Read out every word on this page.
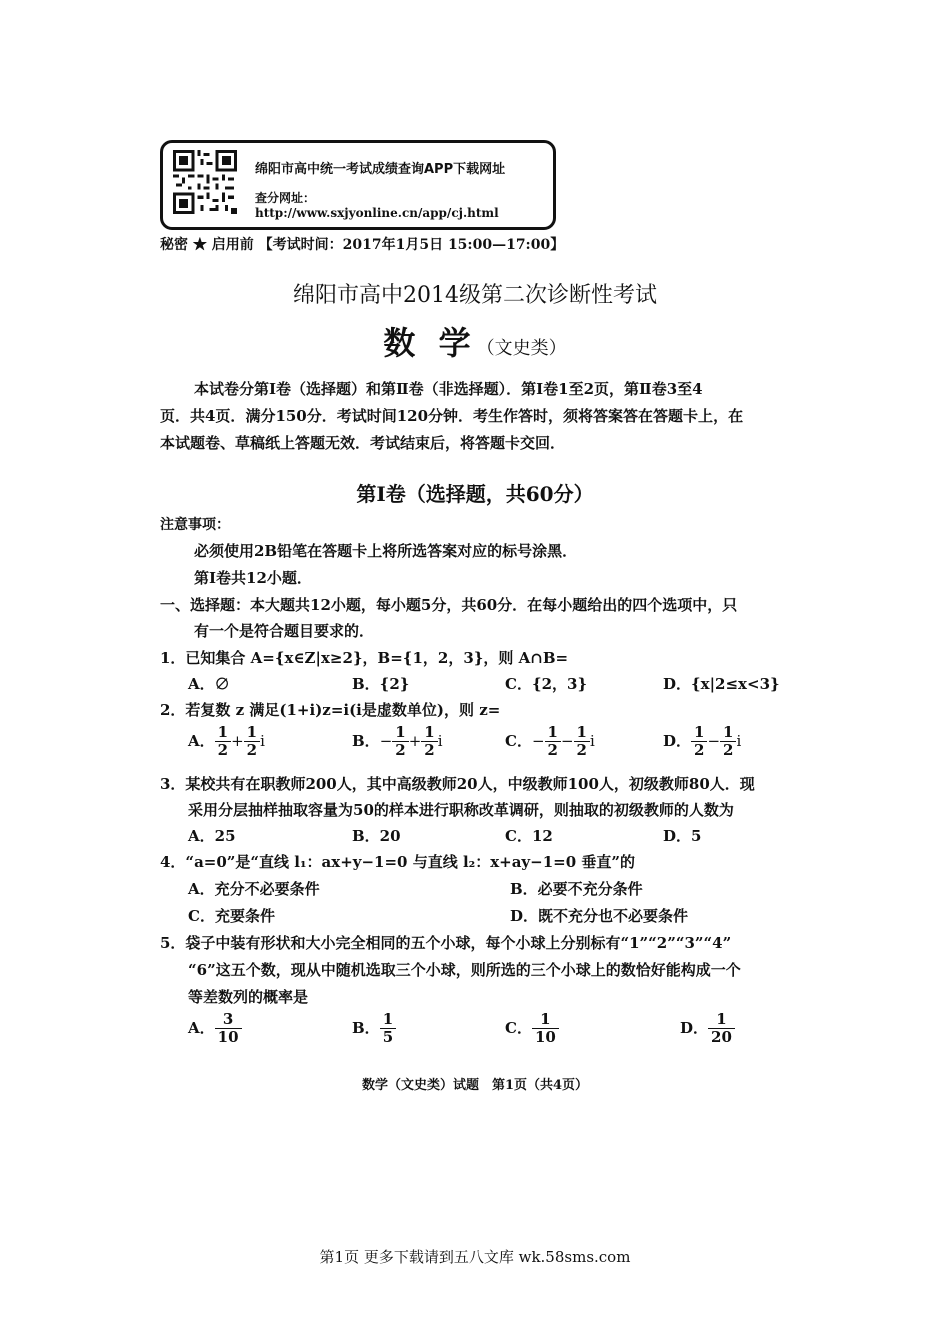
绵阳市高中统一考试成绩查询APP下载网址
查分网址：http://www.sxjyonline.cn/app/cj.html
秘密 ★ 启用前 【考试时间：2017年1月5日 15:00—17:00】
绵阳市高中2014级第二次诊断性考试
数 学（文史类）
本试卷分第Ⅰ卷（选择题）和第Ⅱ卷（非选择题）．第Ⅰ卷1至2页，第Ⅱ卷3至4
页．共4页．满分150分．考试时间120分钟．考生作答时，须将答案答在答题卡上，在
本试题卷、草稿纸上答题无效．考试结束后，将答题卡交回．
第Ⅰ卷（选择题，共60分）
注意事项：
必须使用2B铅笔在答题卡上将所选答案对应的标号涂黑．
第Ⅰ卷共12小题．
一、选择题：本大题共12小题，每小题5分，共60分．在每小题给出的四个选项中，只
有一个是符合题目要求的．
1．已知集合 A={x∈Z|x≥2}，B={1，2，3}，则 A∩B=
A．∅	B．{2}	C．{2，3}	D．{x|2≤x<3}
2．若复数 z 满足(1+i)z=i(i是虚数单位)，则 z=
A． $\frac{1}{2} + \frac{1}{2}$ i	B．− $\frac{1}{2} + \frac{1}{2}$ i	C．− $\frac{1}{2} - \frac{1}{2}$ i	D． $\frac{1}{2} - \frac{1}{2}$ i
3．某校共有在职教师200人，其中高级教师20人，中级教师100人，初级教师80人．现
采用分层抽样抽取容量为50的样本进行职称改革调研，则抽取的初级教师的人数为
A．25	B．20	C．12	D．5
4．“a=0”是“直线 l₁：ax+y−1=0 与直线 l₂：x+ay−1=0 垂直”的
A．充分不必要条件	B．必要不充分条件
C．充要条件	D．既不充分也不必要条件
5．袋子中装有形状和大小完全相同的五个小球，每个小球上分别标有“1”“2”“3”“4”
“6”这五个数，现从中随机选取三个小球，则所选的三个小球上的数恰好能构成一个
等差数列的概率是
A． $\frac{3}{10}$	B． $\frac{1}{5}$	C． $\frac{1}{10}$	D． $\frac{1}{20}$
数学（文史类）试题　第1页（共4页）
第1页 更多下载请到五八文库 wk.58sms.com
